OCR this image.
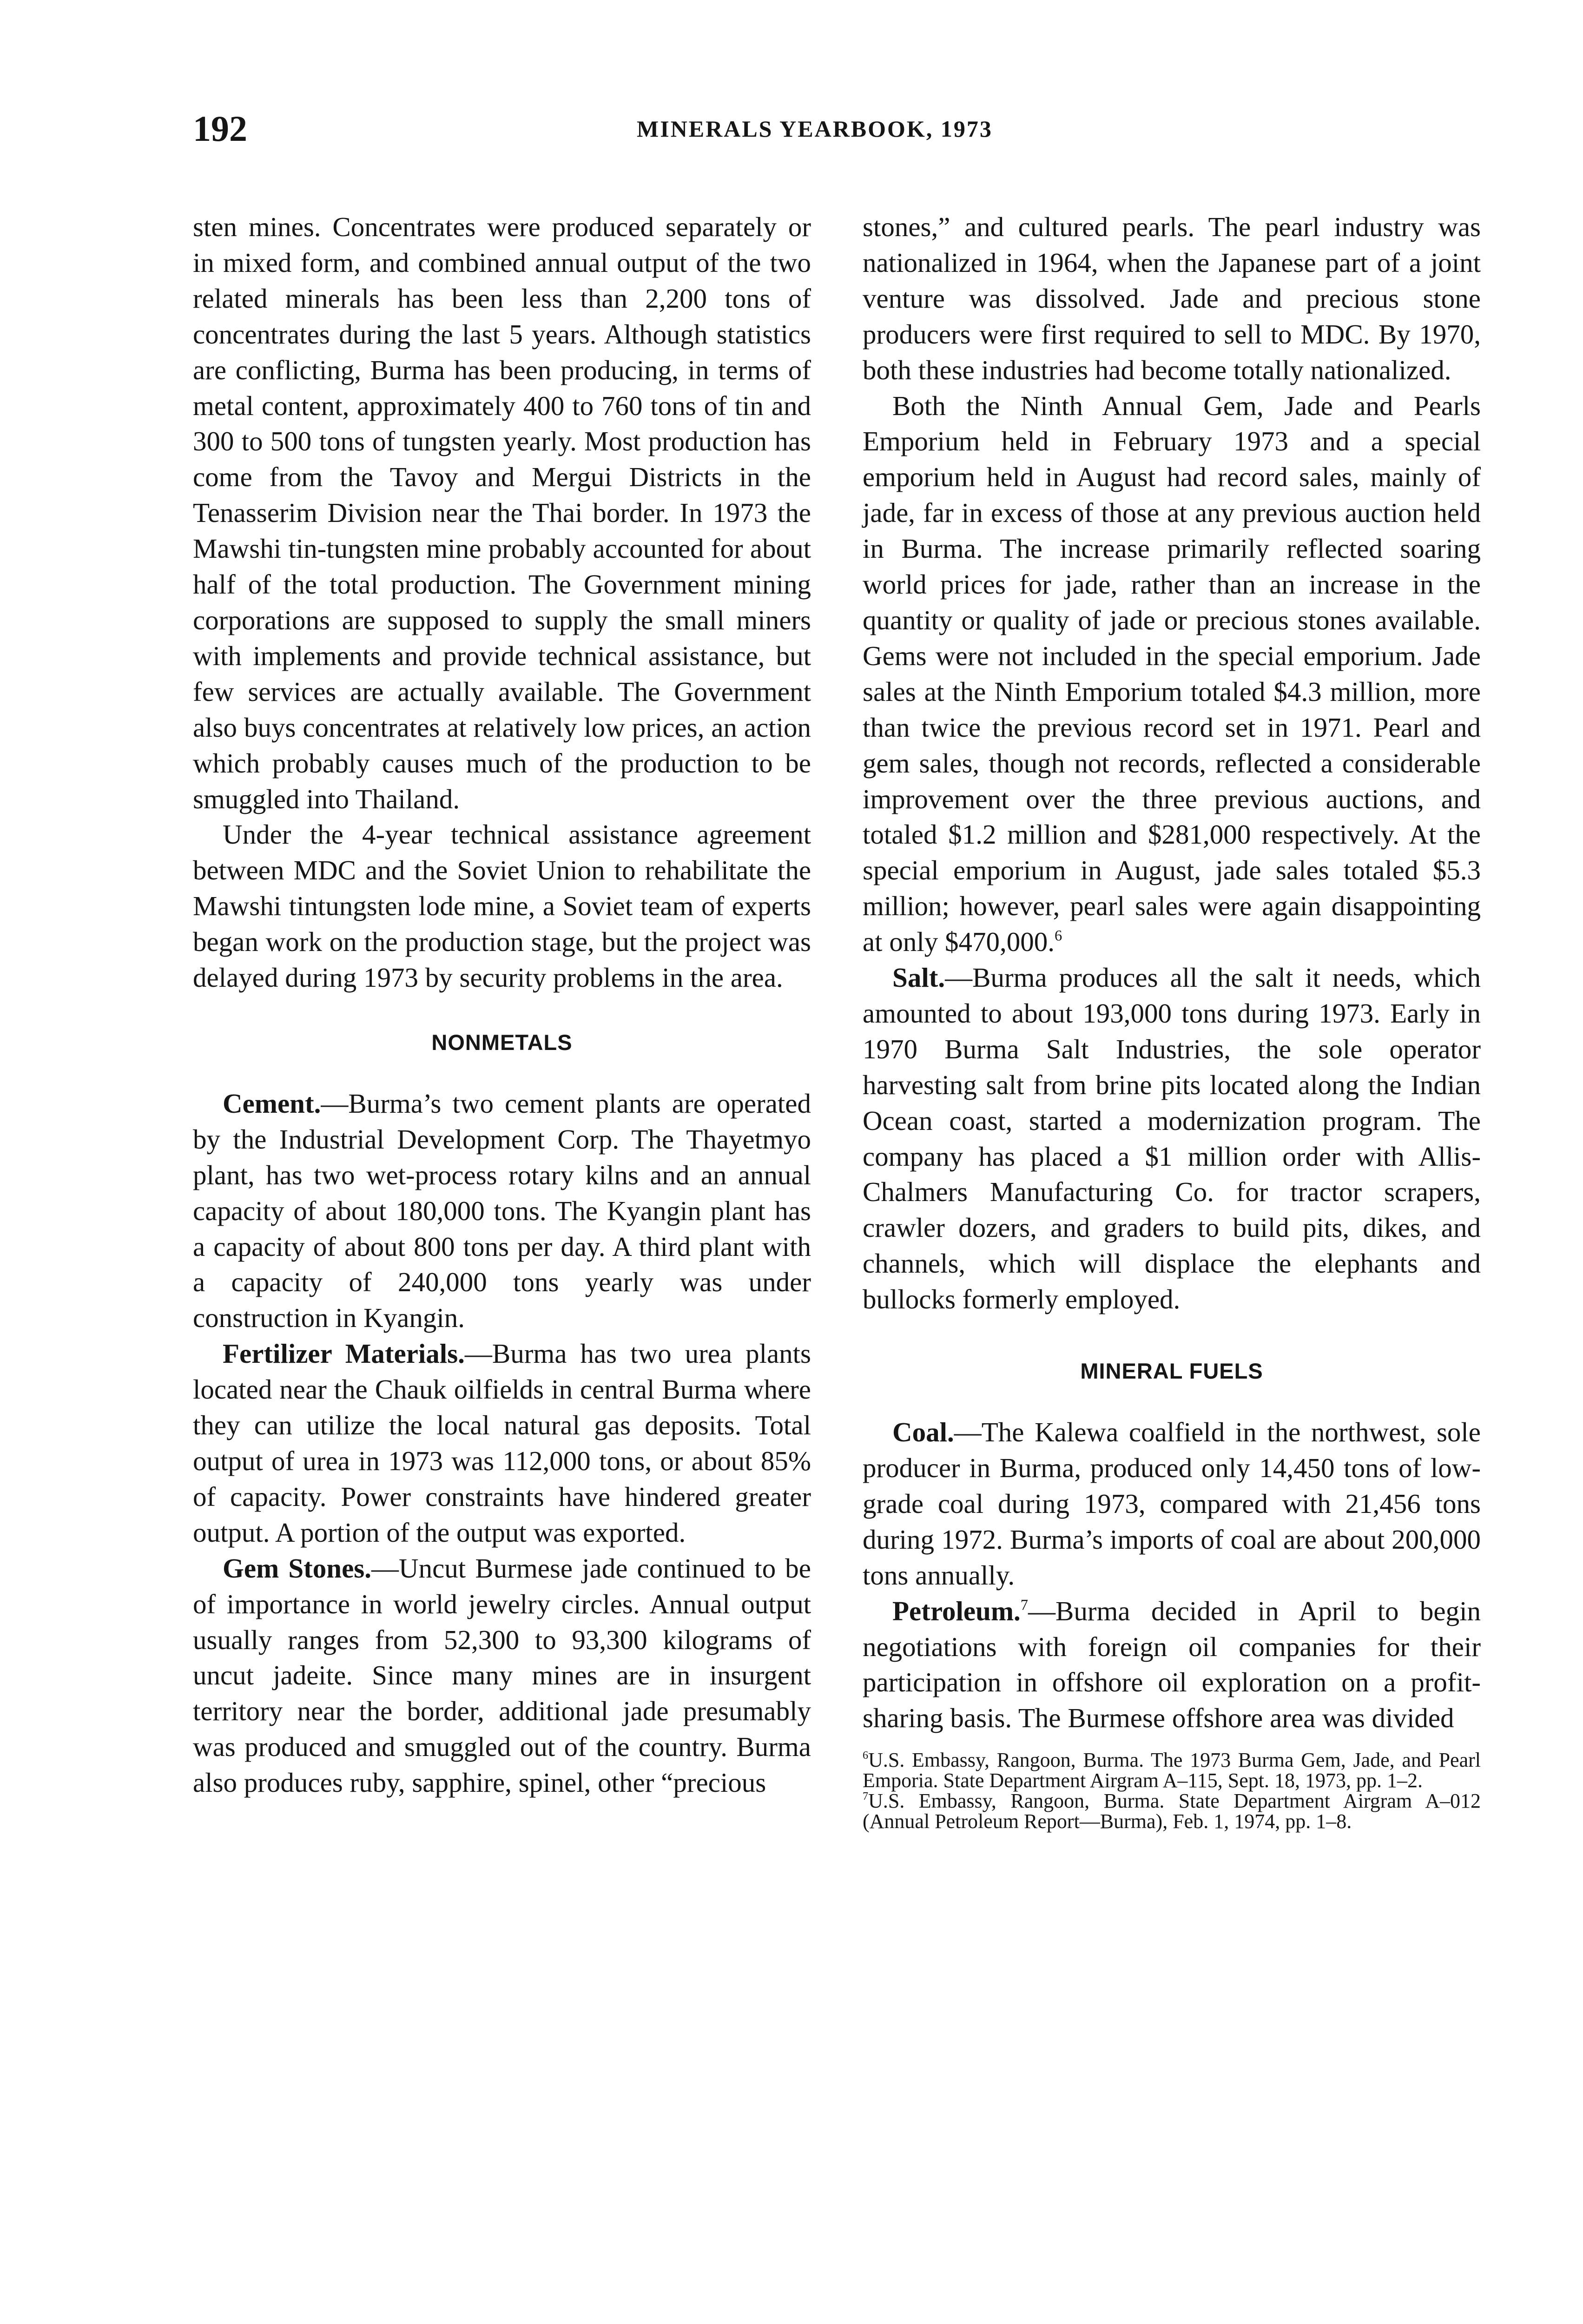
192	MINERALS YEARBOOK, 1973

sten mines. Concentrates were produced separately or in mixed form, and combined annual output of the two related minerals has been less than 2,200 tons of concentrates during the last 5 years. Although statistics are conflicting, Burma has been producing, in terms of metal content, approximately 400 to 760 tons of tin and 300 to 500 tons of tungsten yearly. Most production has come from the Tavoy and Mergui Districts in the Tenasserim Division near the Thai border. In 1973 the Mawshi tin-tungsten mine probably accounted for about half of the total production. The Government mining corporations are supposed to supply the small miners with implements and provide technical assistance, but few services are actually available. The Government also buys concentrates at relatively low prices, an action which probably causes much of the production to be smuggled into Thailand.

Under the 4-year technical assistance agreement between MDC and the Soviet Union to rehabilitate the Mawshi tintungsten lode mine, a Soviet team of experts began work on the production stage, but the project was delayed during 1973 by security problems in the area.

NONMETALS

Cement.—Burma’s two cement plants are operated by the Industrial Development Corp. The Thayetmyo plant, has two wet-process rotary kilns and an annual capacity of about 180,000 tons. The Kyangin plant has a capacity of about 800 tons per day. A third plant with a capacity of 240,000 tons yearly was under construction in Kyangin.

Fertilizer Materials.—Burma has two urea plants located near the Chauk oilfields in central Burma where they can utilize the local natural gas deposits. Total output of urea in 1973 was 112,000 tons, or about 85% of capacity. Power constraints have hindered greater output. A portion of the output was exported.

Gem Stones.—Uncut Burmese jade continued to be of importance in world jewelry circles. Annual output usually ranges from 52,300 to 93,300 kilograms of uncut jadeite. Since many mines are in insurgent territory near the border, additional jade presumably was produced and smuggled out of the country. Burma also produces ruby, sapphire, spinel, other “precious

stones,” and cultured pearls. The pearl industry was nationalized in 1964, when the Japanese part of a joint venture was dissolved. Jade and precious stone producers were first required to sell to MDC. By 1970, both these industries had become totally nationalized.

Both the Ninth Annual Gem, Jade and Pearls Emporium held in February 1973 and a special emporium held in August had record sales, mainly of jade, far in excess of those at any previous auction held in Burma. The increase primarily reflected soaring world prices for jade, rather than an increase in the quantity or quality of jade or precious stones available. Gems were not included in the special emporium. Jade sales at the Ninth Emporium totaled $4.3 million, more than twice the previous record set in 1971. Pearl and gem sales, though not records, reflected a considerable improvement over the three previous auctions, and totaled $1.2 million and $281,000 respectively. At the special emporium in August, jade sales totaled $5.3 million; however, pearl sales were again disappointing at only $470,000.$^6$

Salt.—Burma produces all the salt it needs, which amounted to about 193,000 tons during 1973. Early in 1970 Burma Salt Industries, the sole operator harvesting salt from brine pits located along the Indian Ocean coast, started a modernization program. The company has placed a $1 million order with Allis-Chalmers Manufacturing Co. for tractor scrapers, crawler dozers, and graders to build pits, dikes, and channels, which will displace the elephants and bullocks formerly employed.

MINERAL FUELS

Coal.—The Kalewa coalfield in the northwest, sole producer in Burma, produced only 14,450 tons of low-grade coal during 1973, compared with 21,456 tons during 1972. Burma’s imports of coal are about 200,000 tons annually.

Petroleum.$^7$—Burma decided in April to begin negotiations with foreign oil companies for their participation in offshore oil exploration on a profit-sharing basis. The Burmese offshore area was divided

$^6$U.S. Embassy, Rangoon, Burma. The 1973 Burma Gem, Jade, and Pearl Emporia. State Department Airgram A–115, Sept. 18, 1973, pp. 1–2.

$^7$U.S. Embassy, Rangoon, Burma. State Department Airgram A–012 (Annual Petroleum Report—Burma), Feb. 1, 1974, pp. 1–8.
